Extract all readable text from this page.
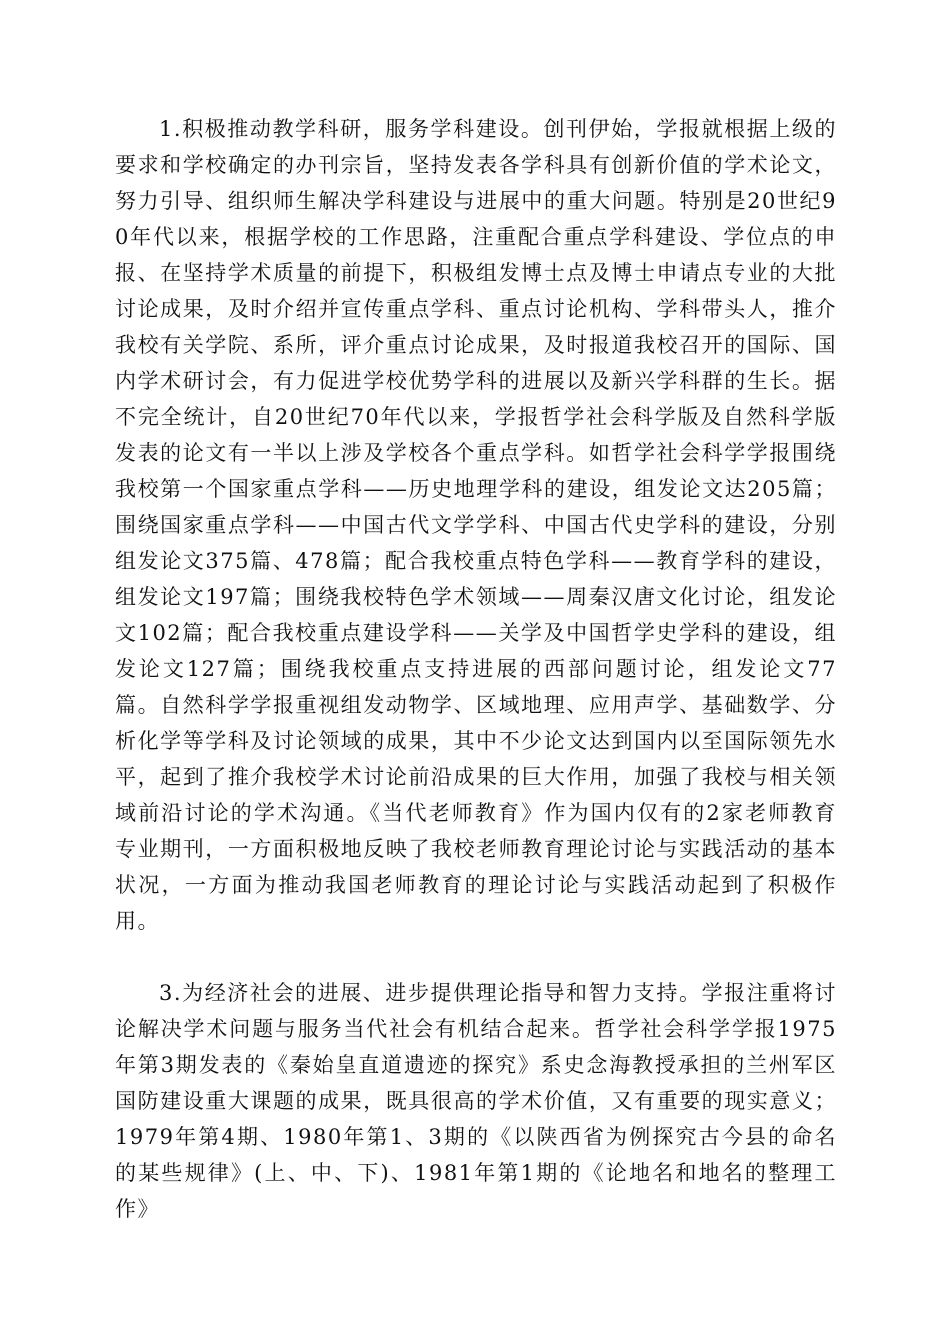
1.积极推动教学科研，服务学科建设。创刊伊始，学报就根据上级的要求和学校确定的办刊宗旨，坚持发表各学科具有创新价值的学术论文，努力引导、组织师生解决学科建设与进展中的重大问题。特别是20世纪90年代以来，根据学校的工作思路，注重配合重点学科建设、学位点的申报、在坚持学术质量的前提下，积极组发博士点及博士申请点专业的大批讨论成果，及时介绍并宣传重点学科、重点讨论机构、学科带头人，推介我校有关学院、系所，评介重点讨论成果，及时报道我校召开的国际、国内学术研讨会，有力促进学校优势学科的进展以及新兴学科群的生长。据不完全统计，自20世纪70年代以来，学报哲学社会科学版及自然科学版发表的论文有一半以上涉及学校各个重点学科。如哲学社会科学学报围绕我校第一个国家重点学科——历史地理学科的建设，组发论文达205篇；围绕国家重点学科——中国古代文学学科、中国古代史学科的建设，分别组发论文375篇、478篇；配合我校重点特色学科——教育学科的建设，组发论文197篇；围绕我校特色学术领域——周秦汉唐文化讨论，组发论文102篇；配合我校重点建设学科——关学及中国哲学史学科的建设，组发论文127篇；围绕我校重点支持进展的西部问题讨论，组发论文77篇。自然科学学报重视组发动物学、区域地理、应用声学、基础数学、分析化学等学科及讨论领域的成果，其中不少论文达到国内以至国际领先水平，起到了推介我校学术讨论前沿成果的巨大作用，加强了我校与相关领域前沿讨论的学术沟通。《当代老师教育》作为国内仅有的2家老师教育专业期刊，一方面积极地反映了我校老师教育理论讨论与实践活动的基本状况，一方面为推动我国老师教育的理论讨论与实践活动起到了积极作用。

3.为经济社会的进展、进步提供理论指导和智力支持。学报注重将讨论解决学术问题与服务当代社会有机结合起来。哲学社会科学学报1975年第3期发表的《秦始皇直道遗迹的探究》系史念海教授承担的兰州军区国防建设重大课题的成果，既具很高的学术价值，又有重要的现实意义；1979年第4期、1980年第1、3期的《以陕西省为例探究古今县的命名的某些规律》(上、中、下)、1981年第1期的《论地名和地名的整理工作》
